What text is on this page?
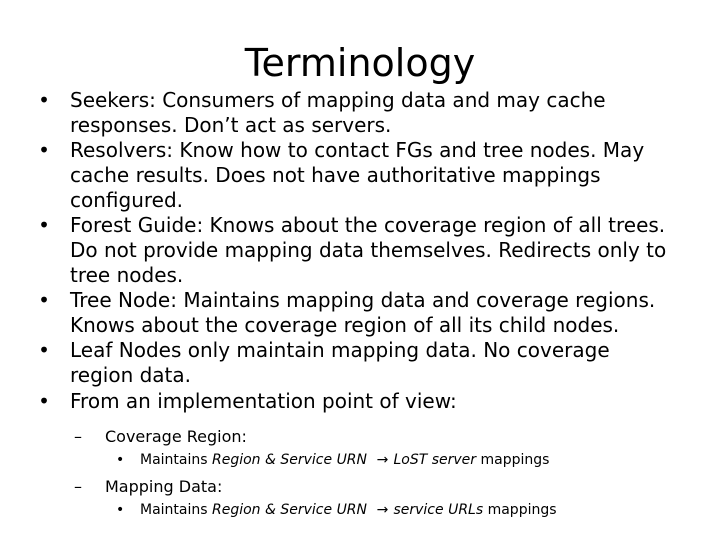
Terminology
• Seekers: Consumers of mapping data and may cache responses. Don’t act as servers.
• Resolvers: Know how to contact FGs and tree nodes. May cache results. Does not have authoritative mappings configured.
• Forest Guide: Knows about the coverage region of all trees. Do not provide mapping data themselves. Redirects only to tree nodes.
• Tree Node: Maintains mapping data and coverage regions. Knows about the coverage region of all its child nodes.
• Leaf Nodes only maintain mapping data. No coverage region data.
• From an implementation point of view:
– Coverage Region:
• Maintains Region & Service URN → LoST server mappings
– Mapping Data:
• Maintains Region & Service URN → service URLs mappings
